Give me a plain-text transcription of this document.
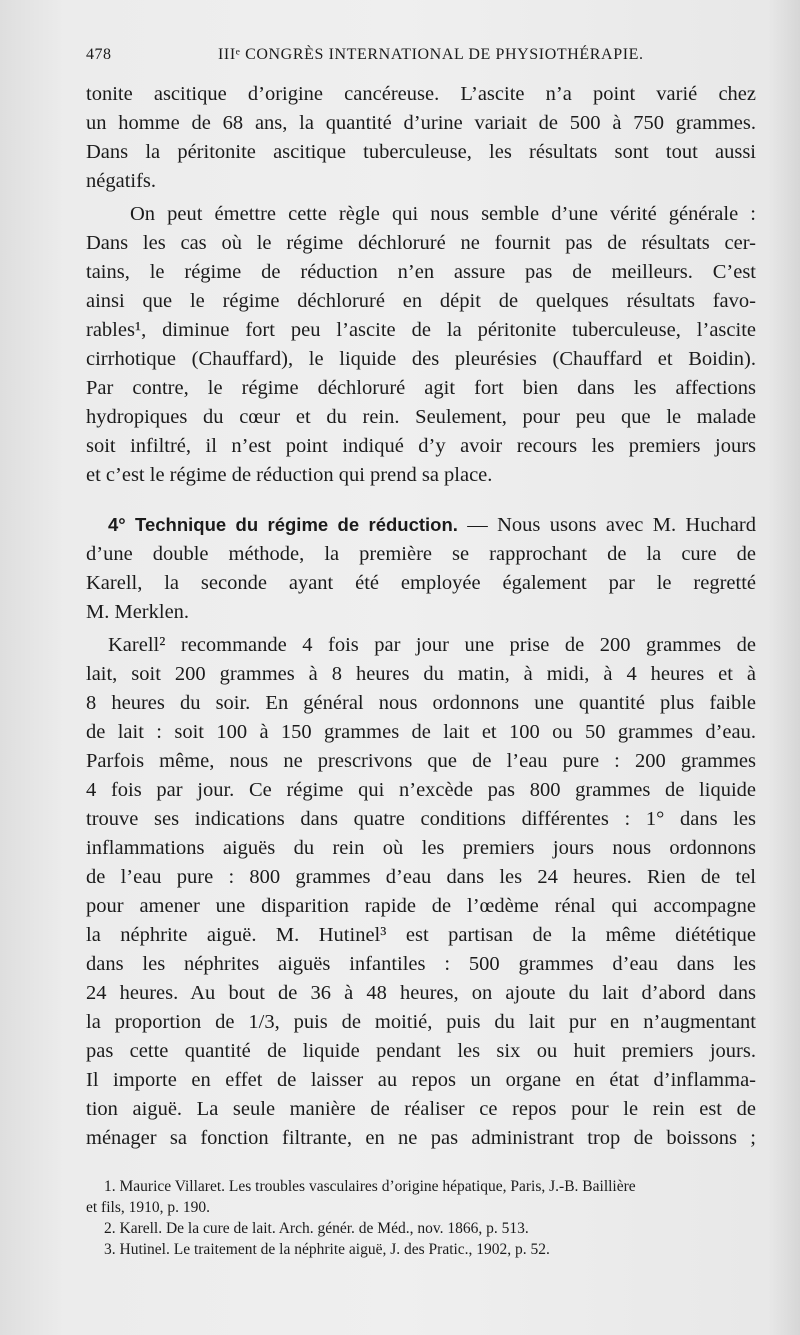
478	IIIᵉ CONGRÈS INTERNATIONAL DE PHYSIOTHÉRAPIE.

tonite ascitique d’origine cancéreuse. L’ascite n’a point varié chez
un homme de 68 ans, la quantité d’urine variait de 500 à 750 grammes.
Dans la péritonite ascitique tuberculeuse, les résultats sont tout aussi
négatifs.

On peut émettre cette règle qui nous semble d’une vérité générale :
Dans les cas où le régime déchloruré ne fournit pas de résultats cer-
tains, le régime de réduction n’en assure pas de meilleurs. C’est
ainsi que le régime déchloruré en dépit de quelques résultats favo-
rables¹, diminue fort peu l’ascite de la péritonite tuberculeuse, l’ascite
cirrhotique (Chauffard), le liquide des pleurésies (Chauffard et Boidin).
Par contre, le régime déchloruré agit fort bien dans les affections
hydropiques du cœur et du rein. Seulement, pour peu que le malade
soit infiltré, il n’est point indiqué d’y avoir recours les premiers jours
et c’est le régime de réduction qui prend sa place.

4° Technique du régime de réduction. — Nous usons avec M. Huchard
d’une double méthode, la première se rapprochant de la cure de
Karell, la seconde ayant été employée également par le regretté
M. Merklen.

Karell² recommande 4 fois par jour une prise de 200 grammes de
lait, soit 200 grammes à 8 heures du matin, à midi, à 4 heures et à
8 heures du soir. En général nous ordonnons une quantité plus faible
de lait : soit 100 à 150 grammes de lait et 100 ou 50 grammes d’eau.
Parfois même, nous ne prescrivons que de l’eau pure : 200 grammes
4 fois par jour. Ce régime qui n’excède pas 800 grammes de liquide
trouve ses indications dans quatre conditions différentes : 1° dans les
inflammations aiguës du rein où les premiers jours nous ordonnons
de l’eau pure : 800 grammes d’eau dans les 24 heures. Rien de tel
pour amener une disparition rapide de l’œdème rénal qui accompagne
la néphrite aiguë. M. Hutinel³ est partisan de la même diététique
dans les néphrites aiguës infantiles : 500 grammes d’eau dans les
24 heures. Au bout de 36 à 48 heures, on ajoute du lait d’abord dans
la proportion de 1/3, puis de moitié, puis du lait pur en n’augmentant
pas cette quantité de liquide pendant les six ou huit premiers jours.
Il importe en effet de laisser au repos un organe en état d’inflamma-
tion aiguë. La seule manière de réaliser ce repos pour le rein est de
ménager sa fonction filtrante, en ne pas administrant trop de boissons ;

1. Maurice Villaret. Les troubles vasculaires d’origine hépatique, Paris, J.-B. Baillière
et fils, 1910, p. 190.
2. Karell. De la cure de lait. Arch. génér. de Méd., nov. 1866, p. 513.
3. Hutinel. Le traitement de la néphrite aiguë, J. des Pratic., 1902, p. 52.
